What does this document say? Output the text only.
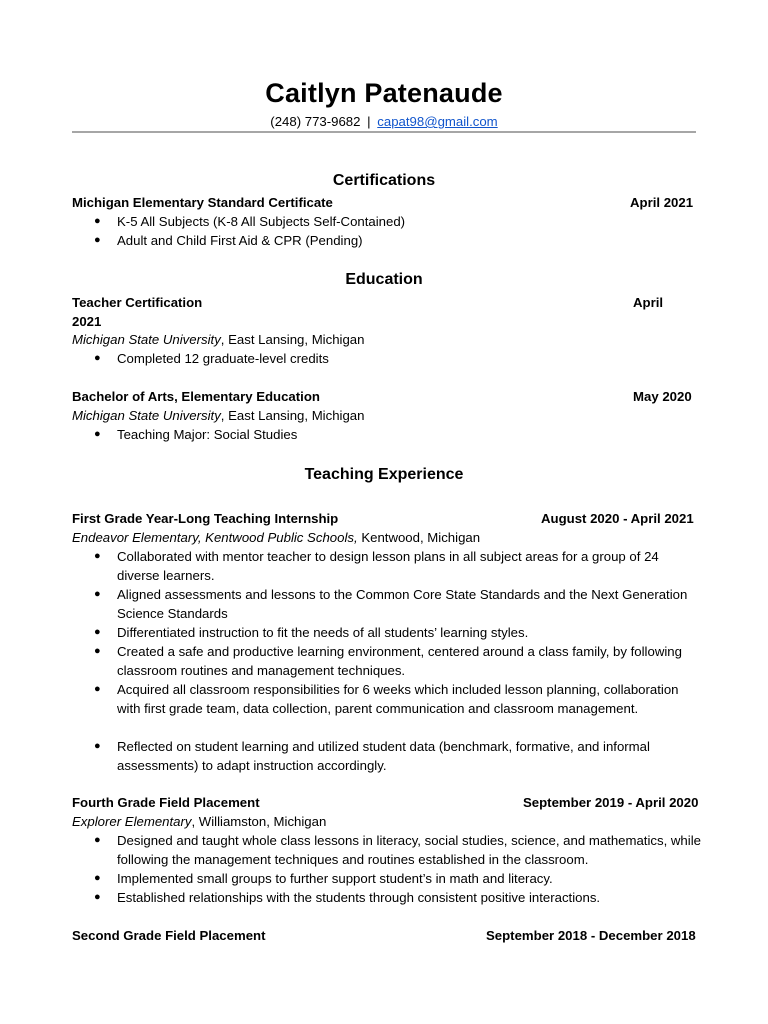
Caitlyn Patenaude
(248) 773-9682 | capat98@gmail.com
Certifications
Michigan Elementary Standard Certificate	April 2021
●	K-5 All Subjects (K-8 All Subjects Self-Contained)
●	Adult and Child First Aid & CPR (Pending)
Education
Teacher Certification	April
2021
Michigan State University, East Lansing, Michigan
●	Completed 12 graduate-level credits
Bachelor of Arts, Elementary Education	May 2020
Michigan State University, East Lansing, Michigan
●	Teaching Major: Social Studies
Teaching Experience
First Grade Year-Long Teaching Internship	August 2020 - April 2021
Endeavor Elementary, Kentwood Public Schools, Kentwood, Michigan
●	Collaborated with mentor teacher to design lesson plans in all subject areas for a group of 24 diverse learners.
●	Aligned assessments and lessons to the Common Core State Standards and the Next Generation Science Standards
●	Differentiated instruction to fit the needs of all students’ learning styles.
●	Created a safe and productive learning environment, centered around a class family, by following classroom routines and management techniques.
●	Acquired all classroom responsibilities for 6 weeks which included lesson planning, collaboration with first grade team, data collection, parent communication and classroom management.
●	Reflected on student learning and utilized student data (benchmark, formative, and informal assessments) to adapt instruction accordingly.
Fourth Grade Field Placement	September 2019 - April 2020
Explorer Elementary, Williamston, Michigan
●	Designed and taught whole class lessons in literacy, social studies, science, and mathematics, while following the management techniques and routines established in the classroom.
●	Implemented small groups to further support student’s in math and literacy.
●	Established relationships with the students through consistent positive interactions.
Second Grade Field Placement	September 2018 - December 2018
